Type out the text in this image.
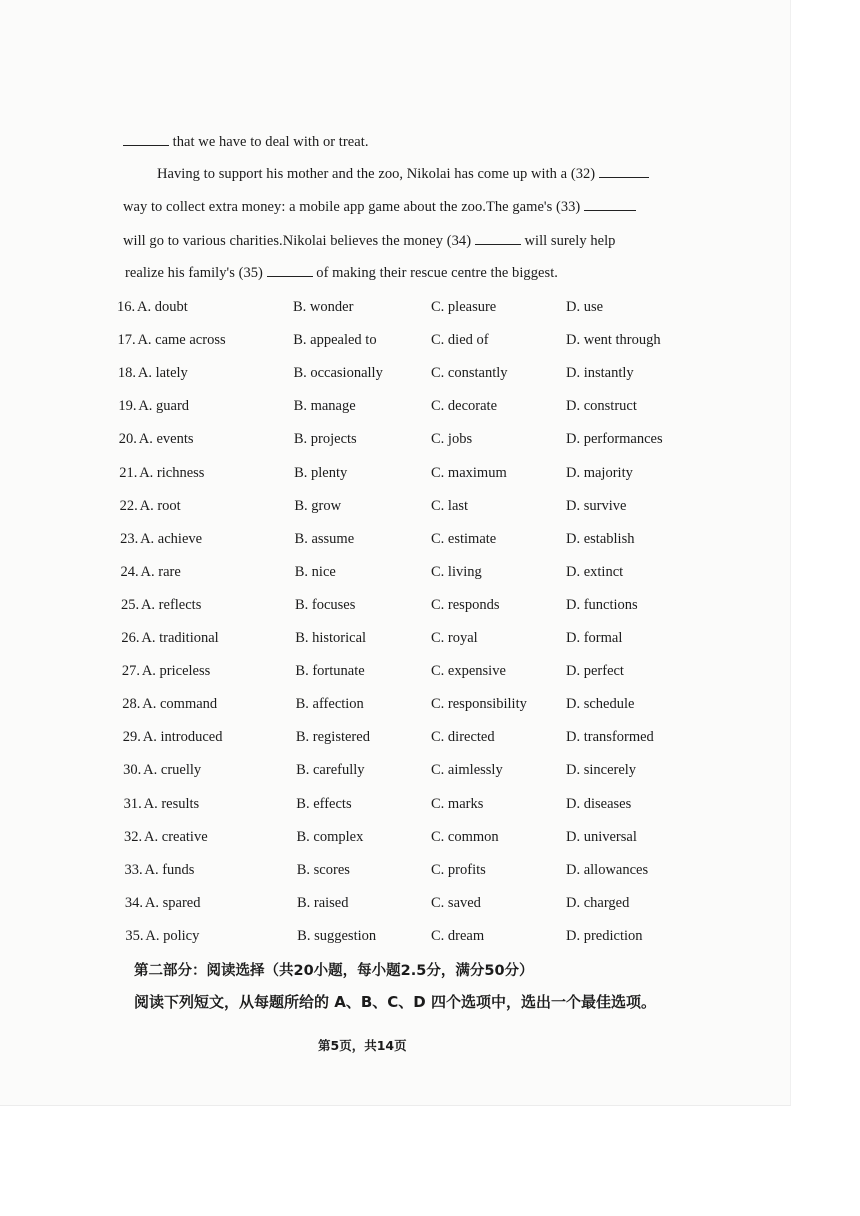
that we have to deal with or treat.
Having to support his mother and the zoo, Nikolai has come up with a (32)
way to collect extra money: a mobile app game about the zoo.The game's (33)
will go to various charities.Nikolai believes the money (34)	will surely help
realize his family's (35)	of making their rescue centre the biggest.
16. A. doubt	B. wonder	C. pleasure	D. use
17. A. came across	B. appealed to	C. died of	D. went through
18. A. lately	B. occasionally	C. constantly	D. instantly
19. A. guard	B. manage	C. decorate	D. construct
20. A. events	B. projects	C. jobs	D. performances
21. A. richness	B. plenty	C. maximum	D. majority
22. A. root	B. grow	C. last	D. survive
23. A. achieve	B. assume	C. estimate	D. establish
24. A. rare	B. nice	C. living	D. extinct
25. A. reflects	B. focuses	C. responds	D. functions
26. A. traditional	B. historical	C. royal	D. formal
27. A. priceless	B. fortunate	C. expensive	D. perfect
28. A. command	B. affection	C. responsibility	D. schedule
29. A. introduced	B. registered	C. directed	D. transformed
30. A. cruelly	B. carefully	C. aimlessly	D. sincerely
31. A. results	B. effects	C. marks	D. diseases
32. A. creative	B. complex	C. common	D. universal
33. A. funds	B. scores	C. profits	D. allowances
34. A. spared	B. raised	C. saved	D. charged
35. A. policy	B. suggestion	C. dream	D. prediction
第二部分：阅读选择（共20小题，每小题2.5分，满分50分）
阅读下列短文，从每题所给的 A、B、C、D 四个选项中，选出一个最佳选项。
第5页，共14页
